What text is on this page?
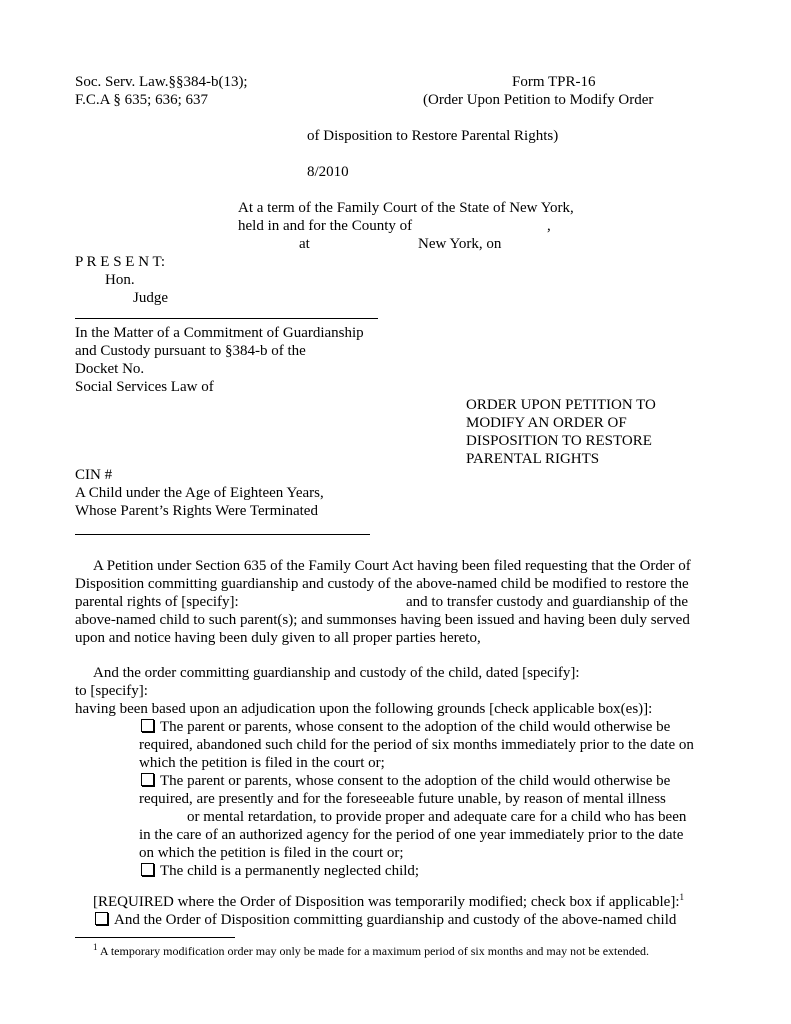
Soc. Serv. Law.§§384-b(13);
F.C.A § 635; 636; 637
Form TPR-16
(Order Upon Petition to Modify Order
of Disposition to Restore Parental Rights)
8/2010
At a term of the Family Court of the State of New York,
held in and for the County of	,
at	New York, on
P R E S E N T:
Hon.
Judge
In the Matter of a Commitment of Guardianship
and Custody pursuant to §384-b of the
Docket No.
Social Services Law of
ORDER UPON PETITION TO
MODIFY AN ORDER OF
DISPOSITION TO RESTORE
PARENTAL RIGHTS
CIN #
A Child under the Age of Eighteen Years,
Whose Parent’s Rights Were Terminated
A Petition under Section 635 of the Family Court Act having been filed requesting that the Order of
Disposition committing guardianship and custody of the above-named child be modified to restore the
parental rights of [specify]:	and to transfer custody and guardianship of the
above-named child to such parent(s); and summonses having been issued and having been duly served
upon and notice having been duly given to all proper parties hereto,
And the order committing guardianship and custody of the child, dated [specify]:
to [specify]:
having been based upon an adjudication upon the following grounds [check applicable box(es)]:
The parent or parents, whose consent to the adoption of the child would otherwise be
required, abandoned such child for the period of six months immediately prior to the date on
which the petition is filed in the court or;
The parent or parents, whose consent to the adoption of the child would otherwise be
required, are presently and for the foreseeable future unable, by reason of mental illness
or mental retardation, to provide proper and adequate care for a child who has been
in the care of an authorized agency for the period of one year immediately prior to the date
on which the petition is filed in the court or;
The child is a permanently neglected child;
[REQUIRED where the Order of Disposition was temporarily modified; check box if applicable]:$^1$
And the Order of Disposition committing guardianship and custody of the above-named child
$^1$ A temporary modification order may only be made for a maximum period of six months and may not be extended.
